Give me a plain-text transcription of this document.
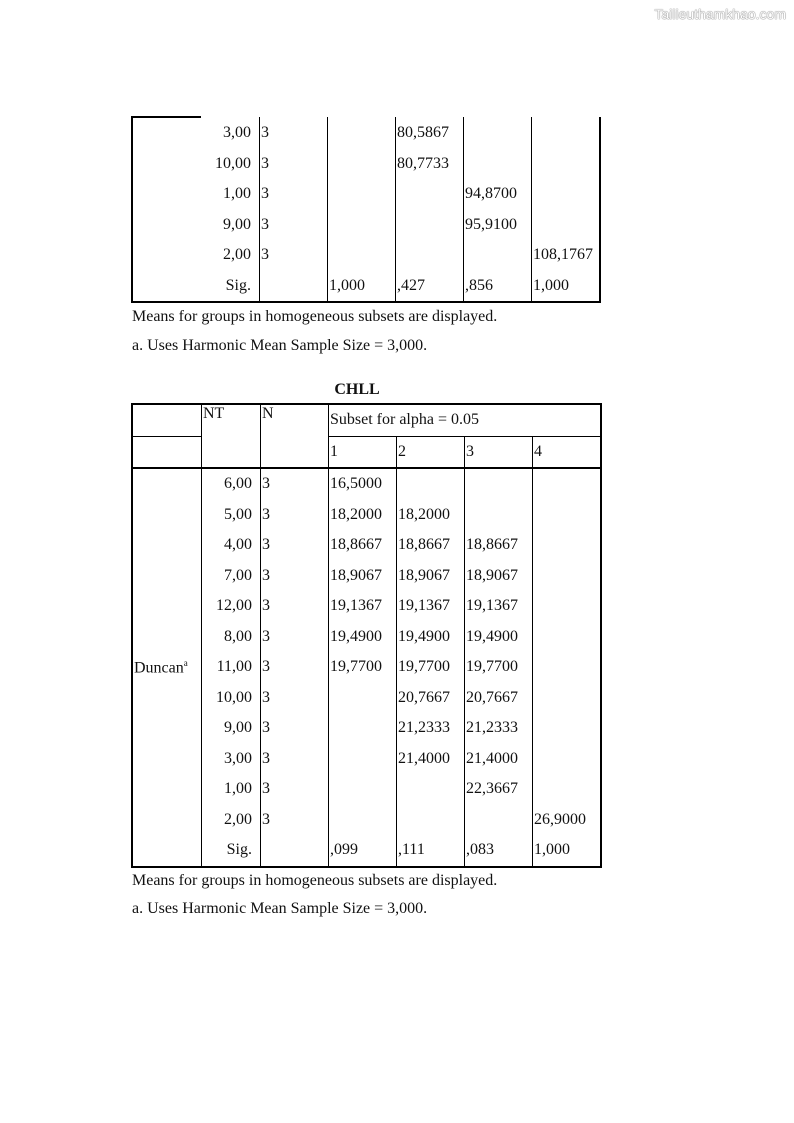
Tailieuthamkhao.com
	3,00	3		80,5867		
	10,00	3		80,7733		
	1,00	3			94,8700	
	9,00	3			95,9100	
	2,00	3				108,1767
	Sig.		1,000	,427	,856	1,000
Means for groups in homogeneous subsets are displayed.
a. Uses Harmonic Mean Sample Size = 3,000.
CHLL
	NT	N	Subset for alpha = 0.05			
			1	2	3	4
	6,00	3	16,5000			
	5,00	3	18,2000	18,2000		
	4,00	3	18,8667	18,8667	18,8667	
	7,00	3	18,9067	18,9067	18,9067	
	12,00	3	19,1367	19,1367	19,1367	
	8,00	3	19,4900	19,4900	19,4900	
Duncan$^a$	11,00	3	19,7700	19,7700	19,7700	
	10,00	3		20,7667	20,7667	
	9,00	3		21,2333	21,2333	
	3,00	3		21,4000	21,4000	
	1,00	3			22,3667	
	2,00	3				26,9000
	Sig.		,099	,111	,083	1,000
Means for groups in homogeneous subsets are displayed.
a. Uses Harmonic Mean Sample Size = 3,000.
